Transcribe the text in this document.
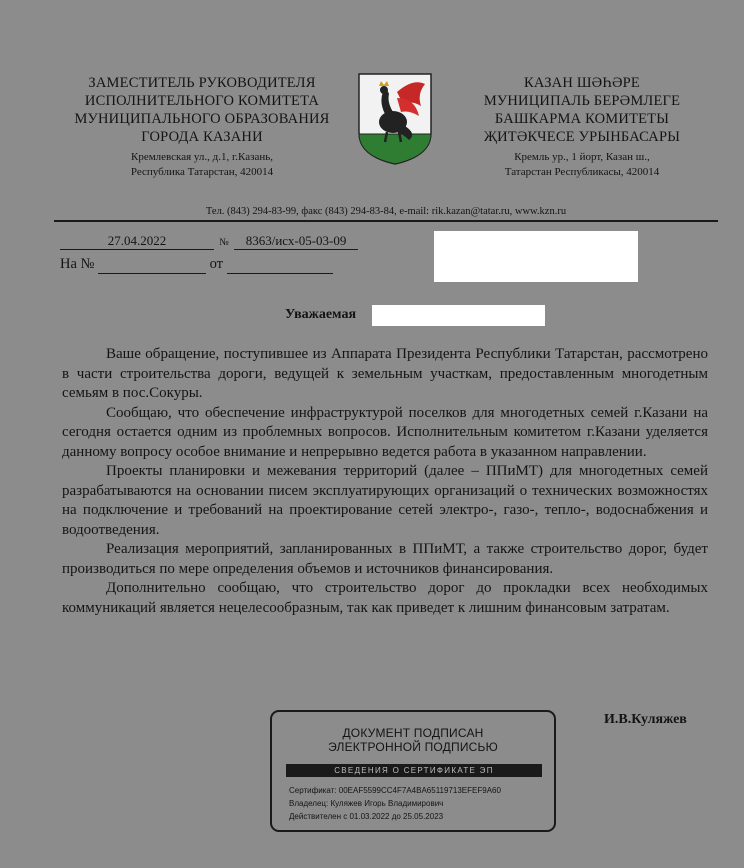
ЗАМЕСТИТЕЛЬ РУКОВОДИТЕЛЯ
ИСПОЛНИТЕЛЬНОГО КОМИТЕТА
МУНИЦИПАЛЬНОГО ОБРАЗОВАНИЯ
ГОРОДА КАЗАНИ
Кремлевская ул., д.1, г.Казань,
Республика Татарстан, 420014
КАЗАН ШӘҺӘРЕ
МУНИЦИПАЛЬ БЕРӘМЛЕГЕ
БАШКАРМА КОМИТЕТЫ
ҖИТӘКЧЕСЕ УРЫНБАСАРЫ
Кремль ур., 1 йорт, Казан ш.,
Татарстан Республикасы, 420014
Тел. (843) 294-83-99, факс (843) 294-83-84, e-mail: rik.kazan@tatar.ru, www.kzn.ru
27.04.2022	№ 8363/исх-05-03-09
На №	от
Уважаемая

Ваше обращение, поступившее из Аппарата Президента Республики Татарстан, рассмотрено в части строительства дороги, ведущей к земельным участкам, предоставленным многодетным семьям в пос.Сокуры.

Сообщаю, что обеспечение инфраструктурой поселков для многодетных семей г.Казани на сегодня остается одним из проблемных вопросов. Исполнительным комитетом г.Казани уделяется данному вопросу особое внимание и непрерывно ведется работа в указанном направлении.

Проекты планировки и межевания территорий (далее – ППиМТ) для многодетных семей разрабатываются на основании писем эксплуатирующих организаций о технических возможностях на подключение и требований на проектирование сетей электро-, газо-, тепло-, водоснабжения и водоотведения.

Реализация мероприятий, запланированных в ППиМТ, а также строительство дорог, будет производиться по мере определения объемов и источников финансирования.

Дополнительно сообщаю, что строительство дорог до прокладки всех необходимых коммуникаций является нецелесообразным, так как приведет к лишним финансовым затратам.

И.В.Куляжев
ДОКУМЕНТ ПОДПИСАН
ЭЛЕКТРОННОЙ ПОДПИСЬЮ
СВЕДЕНИЯ О СЕРТИФИКАТЕ ЭП
Сертификат: 00EAF5599CC4F7A4BA65119713EFEF9A60
Владелец: Куляжев Игорь Владимирович
Действителен с 01.03.2022 до 25.05.2023
